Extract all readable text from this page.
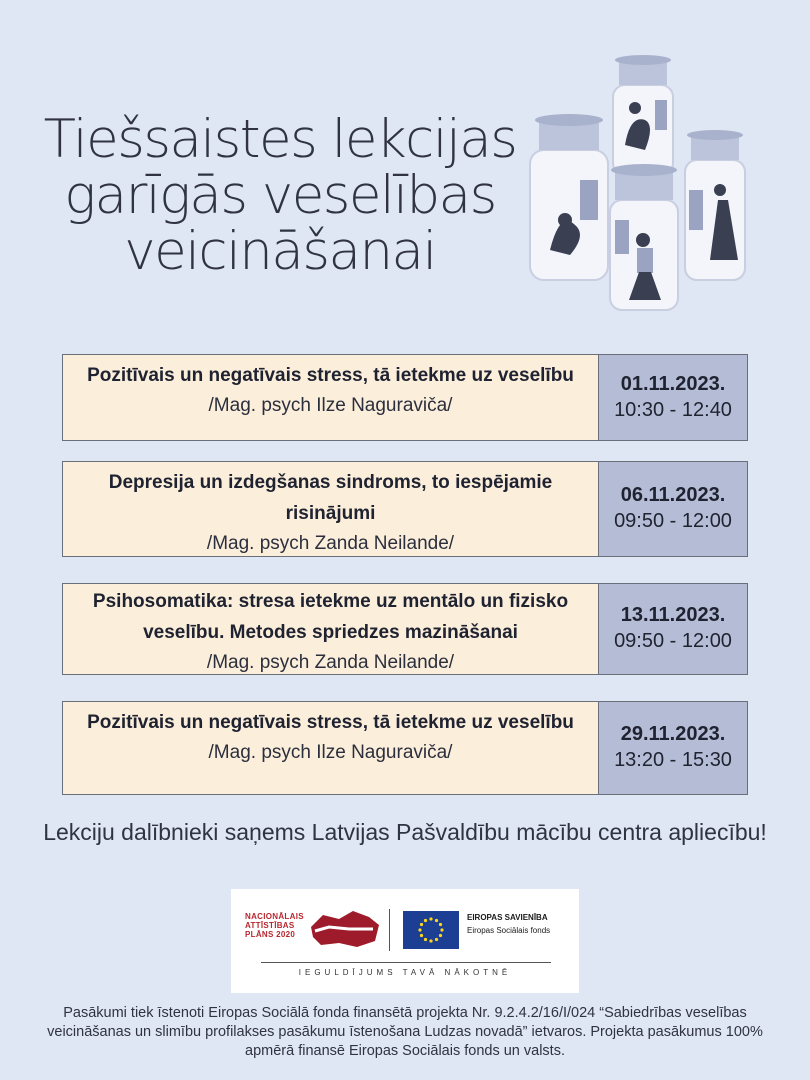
Tiešsaistes lekcijas
garīgās veselības
veicināšanai
Pozitīvais un negatīvais stress, tā ietekme uz veselību
/Mag. psych Ilze Naguraviča/
01.11.2023.
10:30 - 12:40
Depresija un izdegšanas sindroms, to iespējamie risinājumi
/Mag. psych Zanda Neilande/
06.11.2023.
09:50 - 12:00
Psihosomatika: stresa ietekme uz mentālo un fizisko veselību. Metodes spriedzes mazināšanai
/Mag. psych Zanda Neilande/
13.11.2023.
09:50 - 12:00
Pozitīvais un negatīvais stress, tā ietekme uz veselību
/Mag. psych Ilze Naguraviča/
29.11.2023.
13:20 - 15:30
Lekciju dalībnieki saņems Latvijas Pašvaldību mācību centra apliecību!
NACIONĀLAIS
ATTĪSTĪBAS
PLĀNS 2020
EIROPAS SAVIENĪBA
Eiropas Sociālais fonds
IEGULDĪJUMS TAVĀ NĀKOTNĒ
Pasākumi tiek īstenoti Eiropas Sociālā fonda finansētā projekta Nr. 9.2.4.2/16/I/024 “Sabiedrības veselības veicināšanas un slimību profilakses pasākumu īstenošana Ludzas novadā” ietvaros. Projekta pasākumus 100% apmērā finansē Eiropas Sociālais fonds un valsts.
